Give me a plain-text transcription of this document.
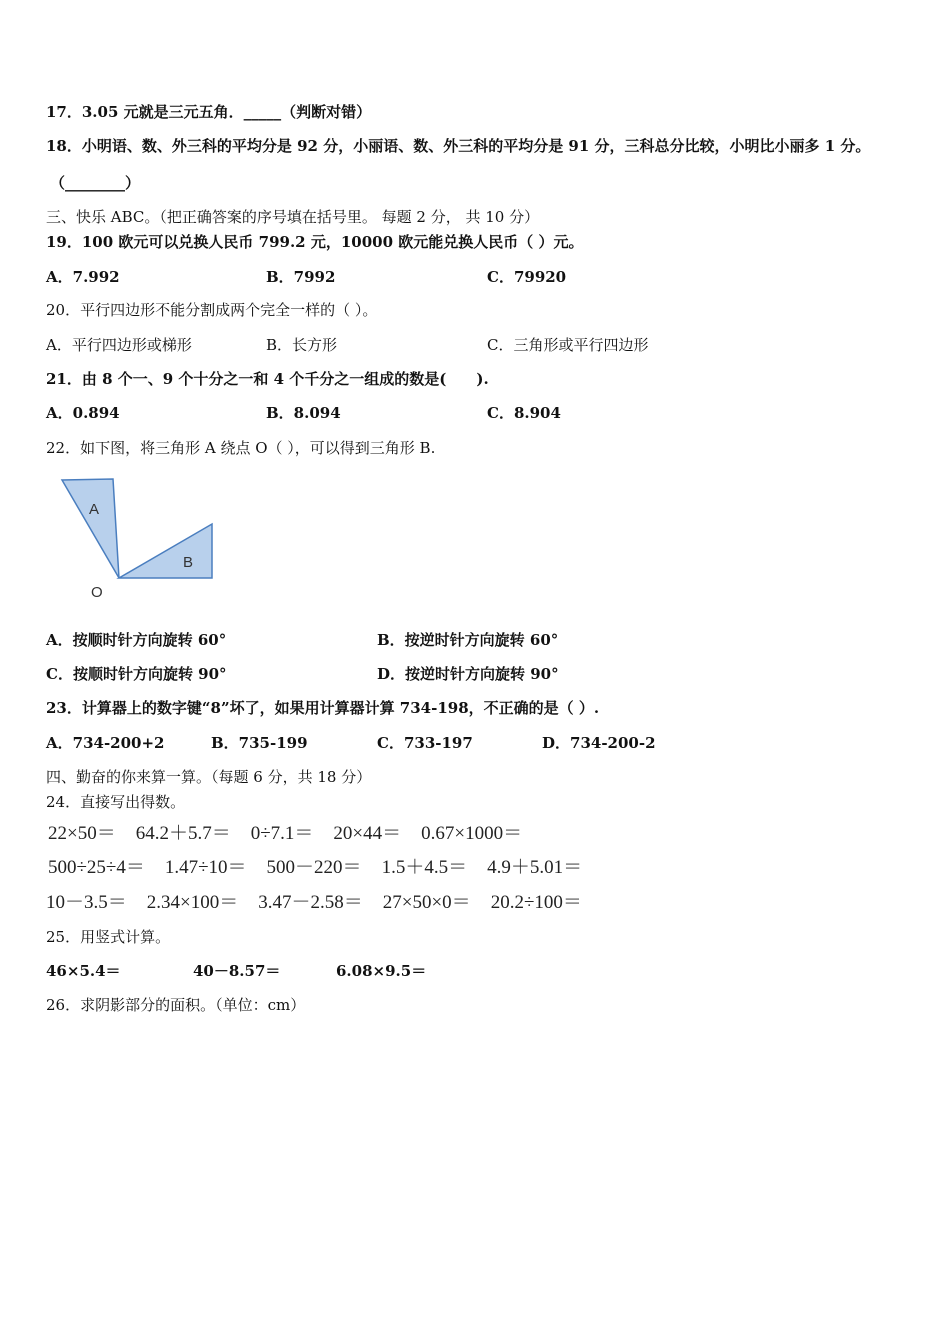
17．3.05 元就是三元五角．_____（判断对错）
18．小明语、数、外三科的平均分是 92 分，小丽语、数、外三科的平均分是 91 分，三科总分比较，小明比小丽多 1 分。
（________）
三、快乐 ABC。（把正确答案的序号填在括号里。 每题 2 分， 共 10 分）
19．100 欧元可以兑换人民币 799.2 元，10000 欧元能兑换人民币（ ）元。
A．7.992	B．7992	C．79920
20．平行四边形不能分割成两个完全一样的（ ）。
A．平行四边形或梯形	B．长方形	C．三角形或平行四边形
21．由 8 个一、9 个十分之一和 4 个千分之一组成的数是(　　).
A．0.894	B．8.094	C．8.904
22．如下图，将三角形 A 绕点 O（ ），可以得到三角形 B.
A
B
O
A．按顺时针方向旋转 60°	B．按逆时针方向旋转 60°
C．按顺时针方向旋转 90°	D．按逆时针方向旋转 90°
23．计算器上的数字键“8”坏了，如果用计算器计算 734-198，不正确的是（ ）.
A．734-200+2	B．735-199	C．733-197	D．734-200-2
四、勤奋的你来算一算。（每题 6 分，共 18 分）
24．直接写出得数。
22×50＝ 64.2＋5.7＝ 0÷7.1＝ 20×44＝ 0.67×1000＝
500÷25÷4＝ 1.47÷10＝ 500－220＝ 1.5＋4.5＝ 4.9＋5.01＝
10－3.5＝ 2.34×100＝ 3.47－2.58＝ 27×50×0＝ 20.2÷100＝
25．用竖式计算。
46×5.4＝	40－8.57＝	6.08×9.5＝
26．求阴影部分的面积。（单位：cm）
